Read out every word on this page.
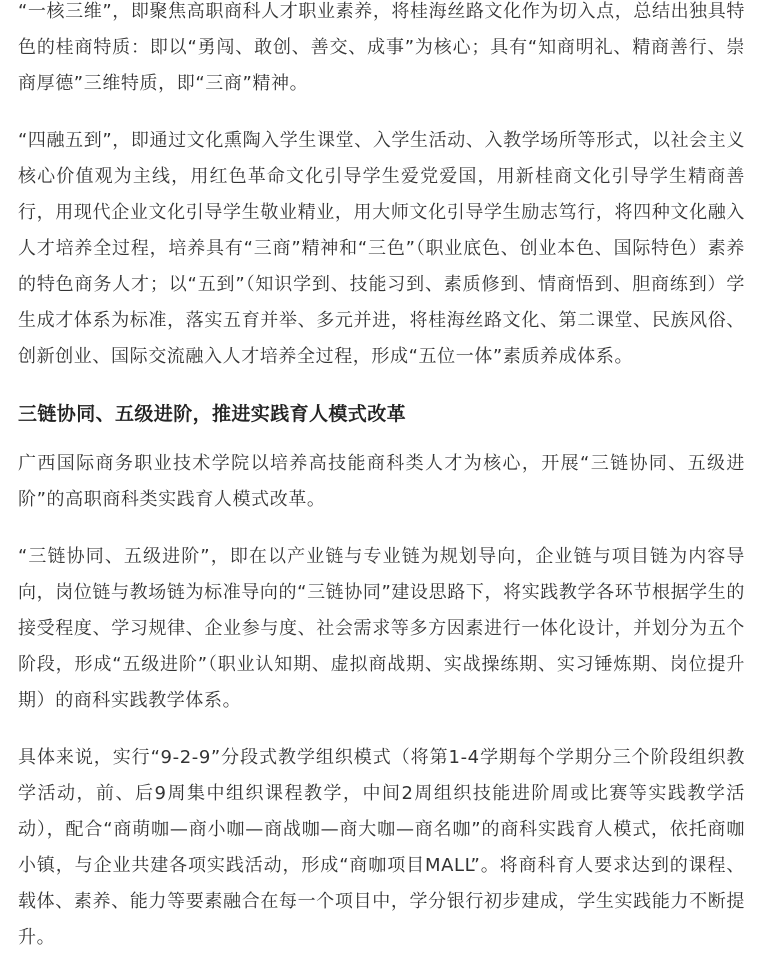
“一核三维”，即聚焦高职商科人才职业素养，将桂海丝路文化作为切入点，总结出独具特色的桂商特质：即以“勇闯、敢创、善交、成事”为核心；具有“知商明礼、精商善行、崇商厚德”三维特质，即“三商”精神。

“四融五到”，即通过文化熏陶入学生课堂、入学生活动、入教学场所等形式，以社会主义核心价值观为主线，用红色革命文化引导学生爱党爱国，用新桂商文化引导学生精商善行，用现代企业文化引导学生敬业精业，用大师文化引导学生励志笃行，将四种文化融入人才培养全过程，培养具有“三商”精神和“三色”（职业底色、创业本色、国际特色）素养的特色商务人才；以“五到”（知识学到、技能习到、素质修到、情商悟到、胆商练到）学生成才体系为标准，落实五育并举、多元并进，将桂海丝路文化、第二课堂、民族风俗、创新创业、国际交流融入人才培养全过程，形成“五位一体”素质养成体系。

三链协同、五级进阶，推进实践育人模式改革

广西国际商务职业技术学院以培养高技能商科类人才为核心，开展“三链协同、五级进阶”的高职商科类实践育人模式改革。

“三链协同、五级进阶”，即在以产业链与专业链为规划导向，企业链与项目链为内容导向，岗位链与教场链为标准导向的“三链协同”建设思路下，将实践教学各环节根据学生的接受程度、学习规律、企业参与度、社会需求等多方因素进行一体化设计，并划分为五个阶段，形成“五级进阶”（职业认知期、虚拟商战期、实战操练期、实习锤炼期、岗位提升期）的商科实践教学体系。

具体来说，实行“9-2-9”分段式教学组织模式（将第1-4学期每个学期分三个阶段组织教学活动，前、后9周集中组织课程教学，中间2周组织技能进阶周或比赛等实践教学活动），配合“商萌咖—商小咖—商战咖—商大咖—商名咖”的商科实践育人模式，依托商咖小镇，与企业共建各项实践活动，形成“商咖项目MALL”。将商科育人要求达到的课程、载体、素养、能力等要素融合在每一个项目中，学分银行初步建成，学生实践能力不断提升。
